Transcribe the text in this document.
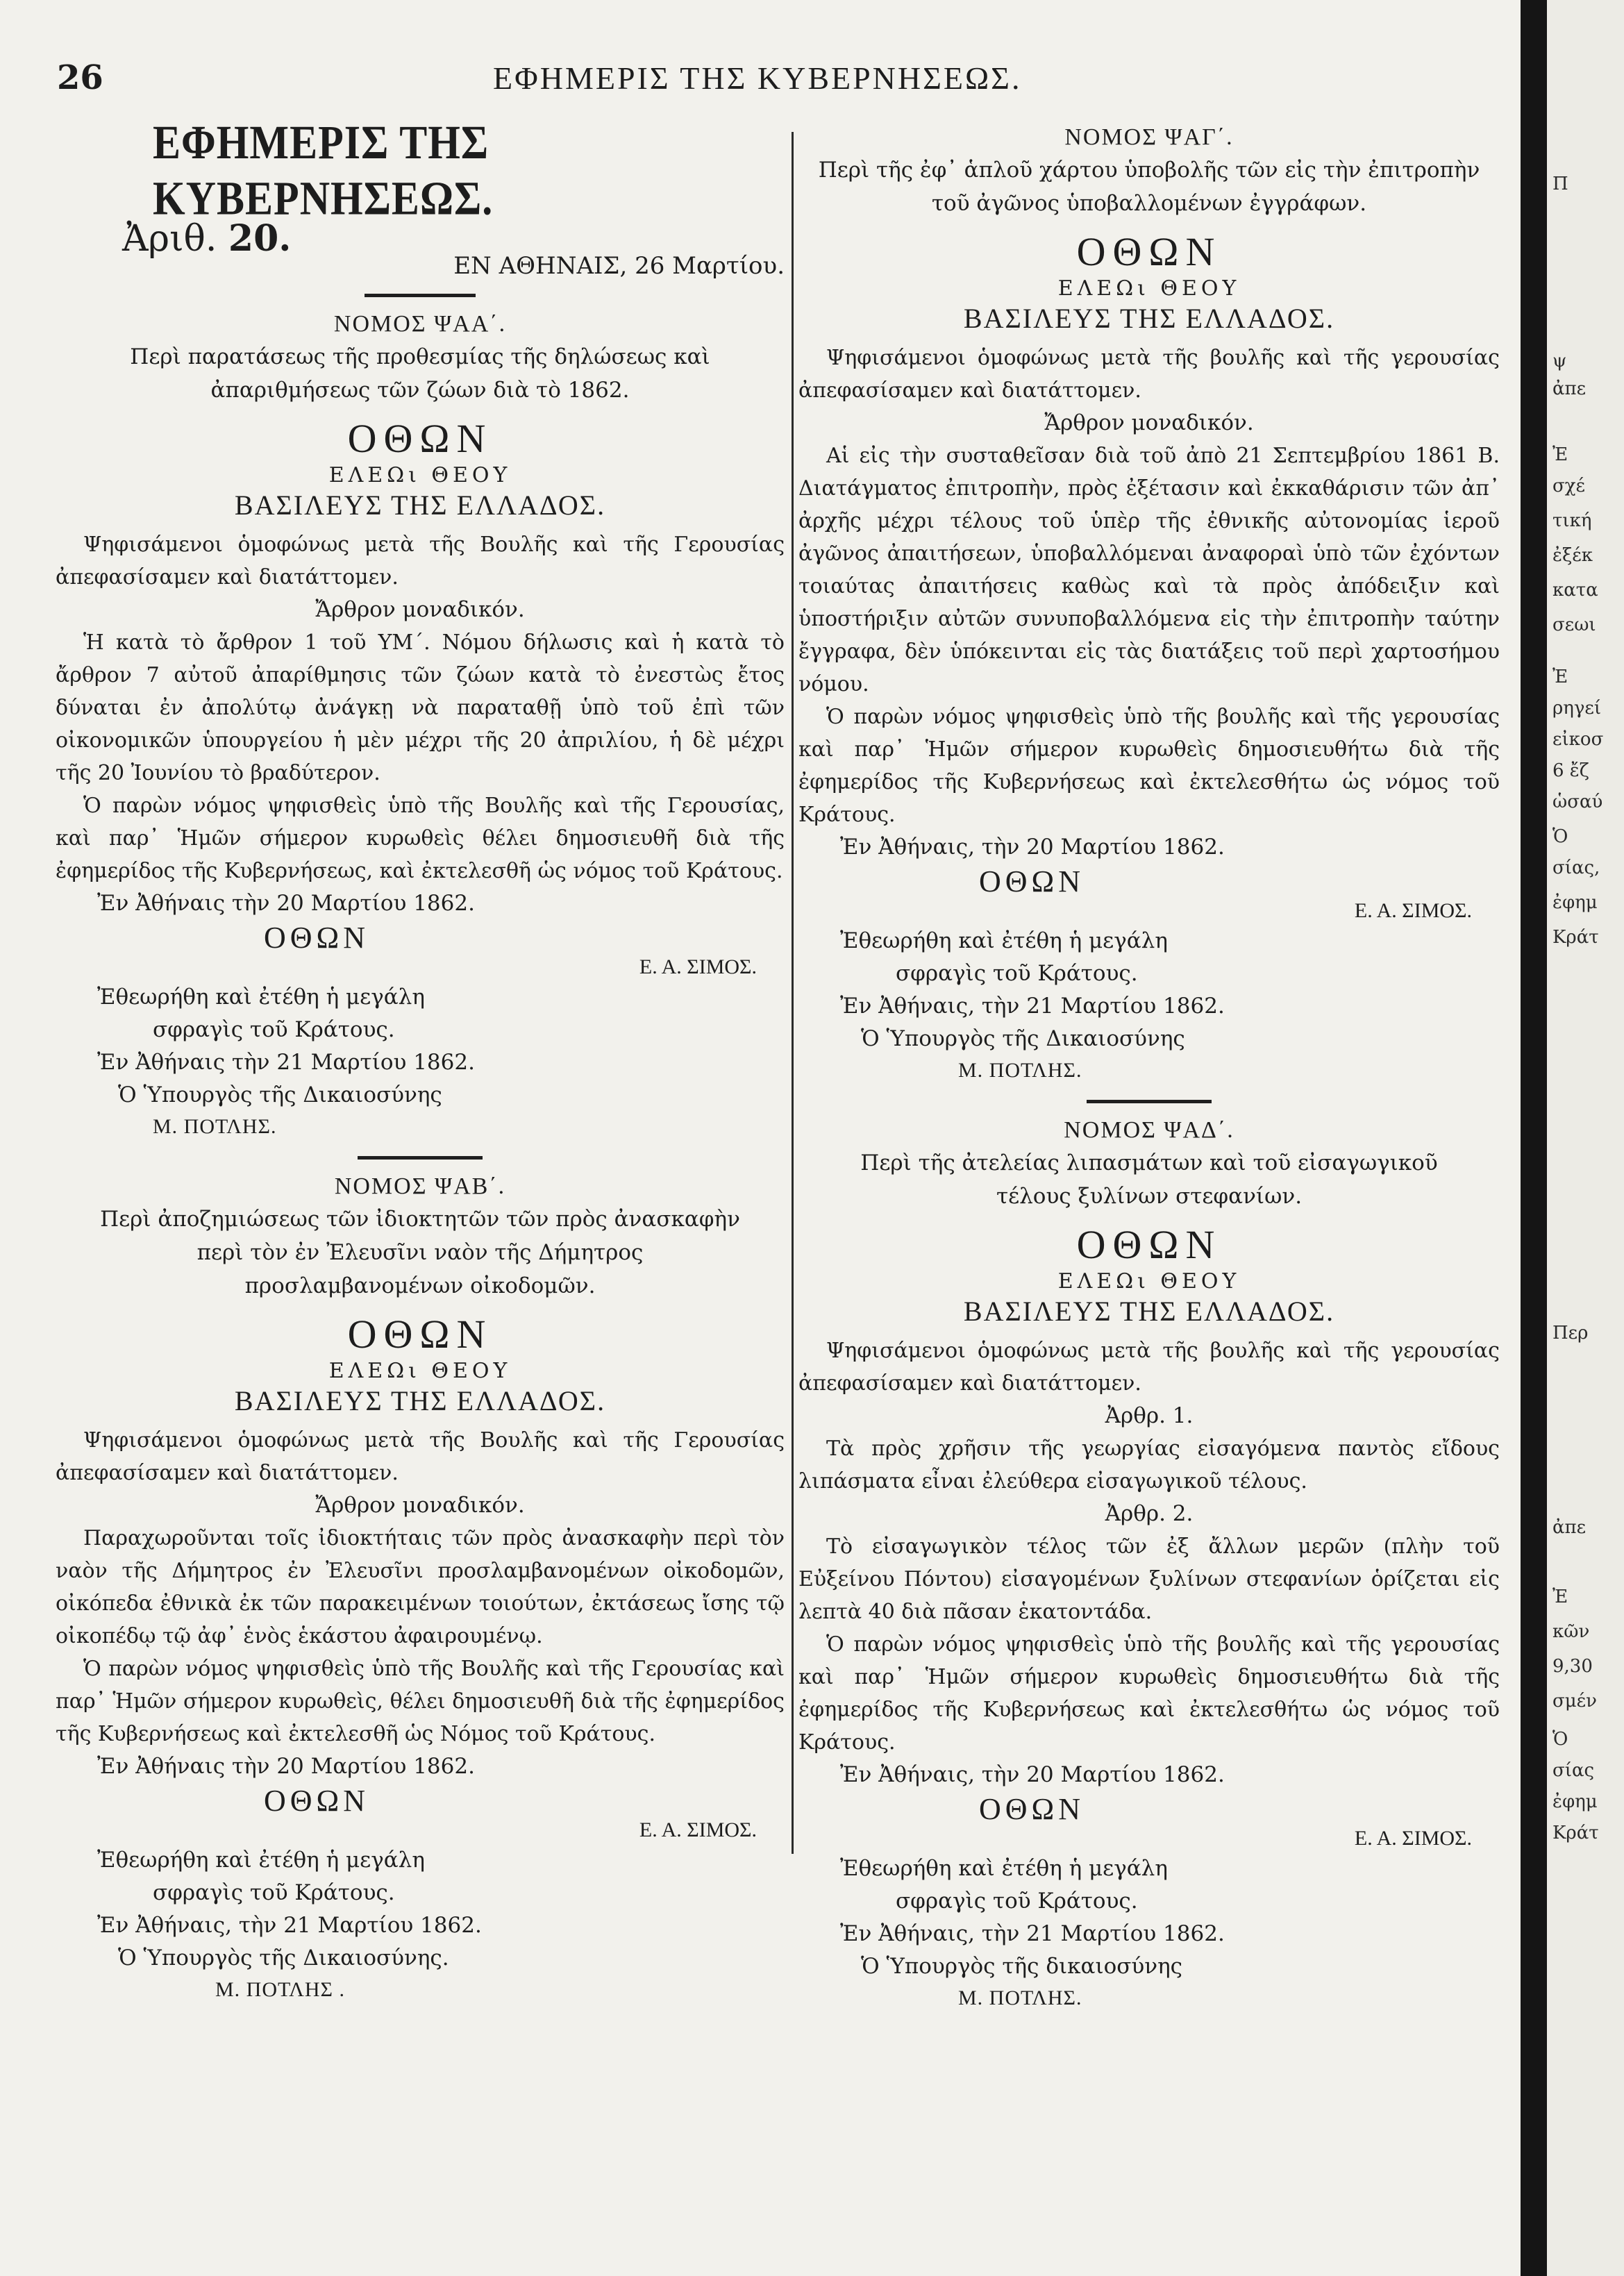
26	ΕΦΗΜΕΡΙΣ ΤΗΣ ΚΥΒΕΡΝΗΣΕΩΣ.
ΕΦΗΜΕΡΙΣ ΤΗΣ ΚΥΒΕΡΝΗΣΕΩΣ.
Ἀριθ. 20.
ΕΝ ΑΘΗΝΑΙΣ, 26 Μαρτίου.
ΝΟΜΟΣ ΨΑΑ΄.
Περὶ παρατάσεως τῆς προθεσμίας τῆς δηλώσεως καὶ ἀπαριθμήσεως τῶν ζώων διὰ τὸ 1862.
ΟΘΩΝ
ΕΛΕΩι ΘΕΟΥ
ΒΑΣΙΛΕΥΣ ΤΗΣ ΕΛΛΑΔΟΣ.

Ψηφισάμενοι ὁμοφώνως μετὰ τῆς Βουλῆς καὶ τῆς Γερουσίας ἀπεφασίσαμεν καὶ διατάττομεν.

Ἄρθρον μοναδικόν.

Ἡ κατὰ τὸ ἄρθρον 1 τοῦ ΥΜ΄. Νόμου δήλωσις καὶ ἡ κατὰ τὸ ἄρθρον 7 αὐτοῦ ἀπαρίθμησις τῶν ζώων κατὰ τὸ ἐνεστὼς ἔτος δύναται ἐν ἀπολύτῳ ἀνάγκῃ νὰ παραταθῇ ὑπὸ τοῦ ἐπὶ τῶν οἰκονομικῶν ὑπουργείου ἡ μὲν μέχρι τῆς 20 ἀπριλίου, ἡ δὲ μέχρι τῆς 20 Ἰουνίου τὸ βραδύτερον.

Ὁ παρὼν νόμος ψηφισθεὶς ὑπὸ τῆς Βουλῆς καὶ τῆς Γερουσίας, καὶ παρ᾽ Ἡμῶν σήμερον κυρωθεὶς θέλει δημοσιευθῆ διὰ τῆς ἐφημερίδος τῆς Κυβερνήσεως, καὶ ἐκτελεσθῆ ὡς νόμος τοῦ Κράτους.

Ἐν Ἀθήναις τὴν 20 Μαρτίου 1862.
ΟΘΩΝ
Ε. Α. ΣΙΜΟΣ.
Ἐθεωρήθη καὶ ἐτέθη ἡ μεγάλη
σφραγὶς τοῦ Κράτους.
Ἐν Ἀθήναις τὴν 21 Μαρτίου 1862.
Ὁ Ὑπουργὸς τῆς Δικαιοσύνης
Μ. ΠΟΤΛΗΣ.
ΝΟΜΟΣ ΨΑΒ΄.
Περὶ ἀποζημιώσεως τῶν ἰδιοκτητῶν τῶν πρὸς ἀνασκαφὴν περὶ τὸν ἐν Ἐλευσῖνι ναὸν τῆς Δήμητρος προσλαμβανομένων οἰκοδομῶν.
ΟΘΩΝ
ΕΛΕΩι ΘΕΟΥ
ΒΑΣΙΛΕΥΣ ΤΗΣ ΕΛΛΑΔΟΣ.

Ψηφισάμενοι ὁμοφώνως μετὰ τῆς Βουλῆς καὶ τῆς Γερουσίας ἀπεφασίσαμεν καὶ διατάττομεν.

Ἄρθρον μοναδικόν.

Παραχωροῦνται τοῖς ἰδιοκτήταις τῶν πρὸς ἀνασκαφὴν περὶ τὸν ναὸν τῆς Δήμητρος ἐν Ἐλευσῖνι προσλαμβανομένων οἰκοδομῶν, οἰκόπεδα ἐθνικὰ ἐκ τῶν παρακειμένων τοιούτων, ἐκτάσεως ἴσης τῷ οἰκοπέδῳ τῷ ἀφ᾽ ἑνὸς ἑκάστου ἀφαιρουμένῳ.

Ὁ παρὼν νόμος ψηφισθεὶς ὑπὸ τῆς Βουλῆς καὶ τῆς Γερουσίας καὶ παρ᾽ Ἡμῶν σήμερον κυρωθεὶς, θέλει δημοσιευθῆ διὰ τῆς ἐφημερίδος τῆς Κυβερνήσεως καὶ ἐκτελεσθῆ ὡς Νόμος τοῦ Κράτους.

Ἐν Ἀθήναις τὴν 20 Μαρτίου 1862.
ΟΘΩΝ
Ε. Α. ΣΙΜΟΣ.
Ἐθεωρήθη καὶ ἐτέθη ἡ μεγάλη
σφραγὶς τοῦ Κράτους.
Ἐν Ἀθήναις, τὴν 21 Μαρτίου 1862.
Ὁ Ὑπουργὸς τῆς Δικαιοσύνης.
Μ. ΠΟΤΛΗΣ .
ΝΟΜΟΣ ΨΑΓ΄.
Περὶ τῆς ἐφ᾽ ἁπλοῦ χάρτου ὑποβολῆς τῶν εἰς τὴν ἐπιτροπὴν τοῦ ἀγῶνος ὑποβαλλομένων ἐγγράφων.
ΟΘΩΝ
ΕΛΕΩι ΘΕΟΥ
ΒΑΣΙΛΕΥΣ ΤΗΣ ΕΛΛΑΔΟΣ.

Ψηφισάμενοι ὁμοφώνως μετὰ τῆς βουλῆς καὶ τῆς γερουσίας ἀπεφασίσαμεν καὶ διατάττομεν.

Ἄρθρον μοναδικόν.

Αἱ εἰς τὴν συσταθεῖσαν διὰ τοῦ ἀπὸ 21 Σεπτεμβρίου 1861 Β. Διατάγματος ἐπιτροπὴν, πρὸς ἐξέτασιν καὶ ἐκκαθάρισιν τῶν ἀπ᾽ ἀρχῆς μέχρι τέλους τοῦ ὑπὲρ τῆς ἐθνικῆς αὐτονομίας ἱεροῦ ἀγῶνος ἀπαιτήσεων, ὑποβαλλόμεναι ἀναφοραὶ ὑπὸ τῶν ἐχόντων τοιαύτας ἀπαιτήσεις καθὼς καὶ τὰ πρὸς ἀπόδειξιν καὶ ὑποστήριξιν αὐτῶν συνυποβαλλόμενα εἰς τὴν ἐπιτροπὴν ταύτην ἔγγραφα, δὲν ὑπόκεινται εἰς τὰς διατάξεις τοῦ περὶ χαρτοσήμου νόμου.

Ὁ παρὼν νόμος ψηφισθεὶς ὑπὸ τῆς βουλῆς καὶ τῆς γερουσίας καὶ παρ᾽ Ἡμῶν σήμερον κυρωθεὶς δημοσιευθήτω διὰ τῆς ἐφημερίδος τῆς Κυβερνήσεως καὶ ἐκτελεσθήτω ὡς νόμος τοῦ Κράτους.

Ἐν Ἀθήναις, τὴν 20 Μαρτίου 1862.
ΟΘΩΝ
Ε. Α. ΣΙΜΟΣ.
Ἐθεωρήθη καὶ ἐτέθη ἡ μεγάλη
σφραγὶς τοῦ Κράτους.
Ἐν Ἀθήναις, τὴν 21 Μαρτίου 1862.
Ὁ Ὑπουργὸς τῆς Δικαιοσύνης
Μ. ΠΟΤΛΗΣ.
ΝΟΜΟΣ ΨΑΔ΄.
Περὶ τῆς ἀτελείας λιπασμάτων καὶ τοῦ εἰσαγωγικοῦ τέλους ξυλίνων στεφανίων.
ΟΘΩΝ
ΕΛΕΩι ΘΕΟΥ
ΒΑΣΙΛΕΥΣ ΤΗΣ ΕΛΛΑΔΟΣ.

Ψηφισάμενοι ὁμοφώνως μετὰ τῆς βουλῆς καὶ τῆς γερουσίας ἀπεφασίσαμεν καὶ διατάττομεν.

Ἀρθρ. 1.

Τὰ πρὸς χρῆσιν τῆς γεωργίας εἰσαγόμενα παντὸς εἴδους λιπάσματα εἶναι ἐλεύθερα εἰσαγωγικοῦ τέλους.

Ἀρθρ. 2.

Τὸ εἰσαγωγικὸν τέλος τῶν ἐξ ἄλλων μερῶν (πλὴν τοῦ Εὐξείνου Πόντου) εἰσαγομένων ξυλίνων στεφανίων ὁρίζεται εἰς λεπτὰ 40 διὰ πᾶσαν ἑκατοντάδα.

Ὁ παρὼν νόμος ψηφισθεὶς ὑπὸ τῆς βουλῆς καὶ τῆς γερουσίας καὶ παρ᾽ Ἡμῶν σήμερον κυρωθεὶς δημοσιευθήτω διὰ τῆς ἐφημερίδος τῆς Κυβερνήσεως καὶ ἐκτελεσθήτω ὡς νόμος τοῦ Κράτους.

Ἐν Ἀθήναις, τὴν 20 Μαρτίου 1862.
ΟΘΩΝ
Ε. Α. ΣΙΜΟΣ.
Ἐθεωρήθη καὶ ἐτέθη ἡ μεγάλη
σφραγὶς τοῦ Κράτους.
Ἐν Ἀθήναις, τὴν 21 Μαρτίου 1862.
Ὁ Ὑπουργὸς τῆς δικαιοσύνης
Μ. ΠΟΤΛΗΣ.
Π
ψ
ἀπε
Ἐ
σχέ
τική
ἐξέκ
κατα
σεωι
Ἐ
ρηγεί
εἰκοσ
6 ἔζ
ὡσαύ
Ὁ
σίας,
ἐφημ
Κράτ
Περ
ἀπε
Ἐ
κῶν
9,30
σμέν
Ὁ
σίας
ἐφημ
Κράτ
